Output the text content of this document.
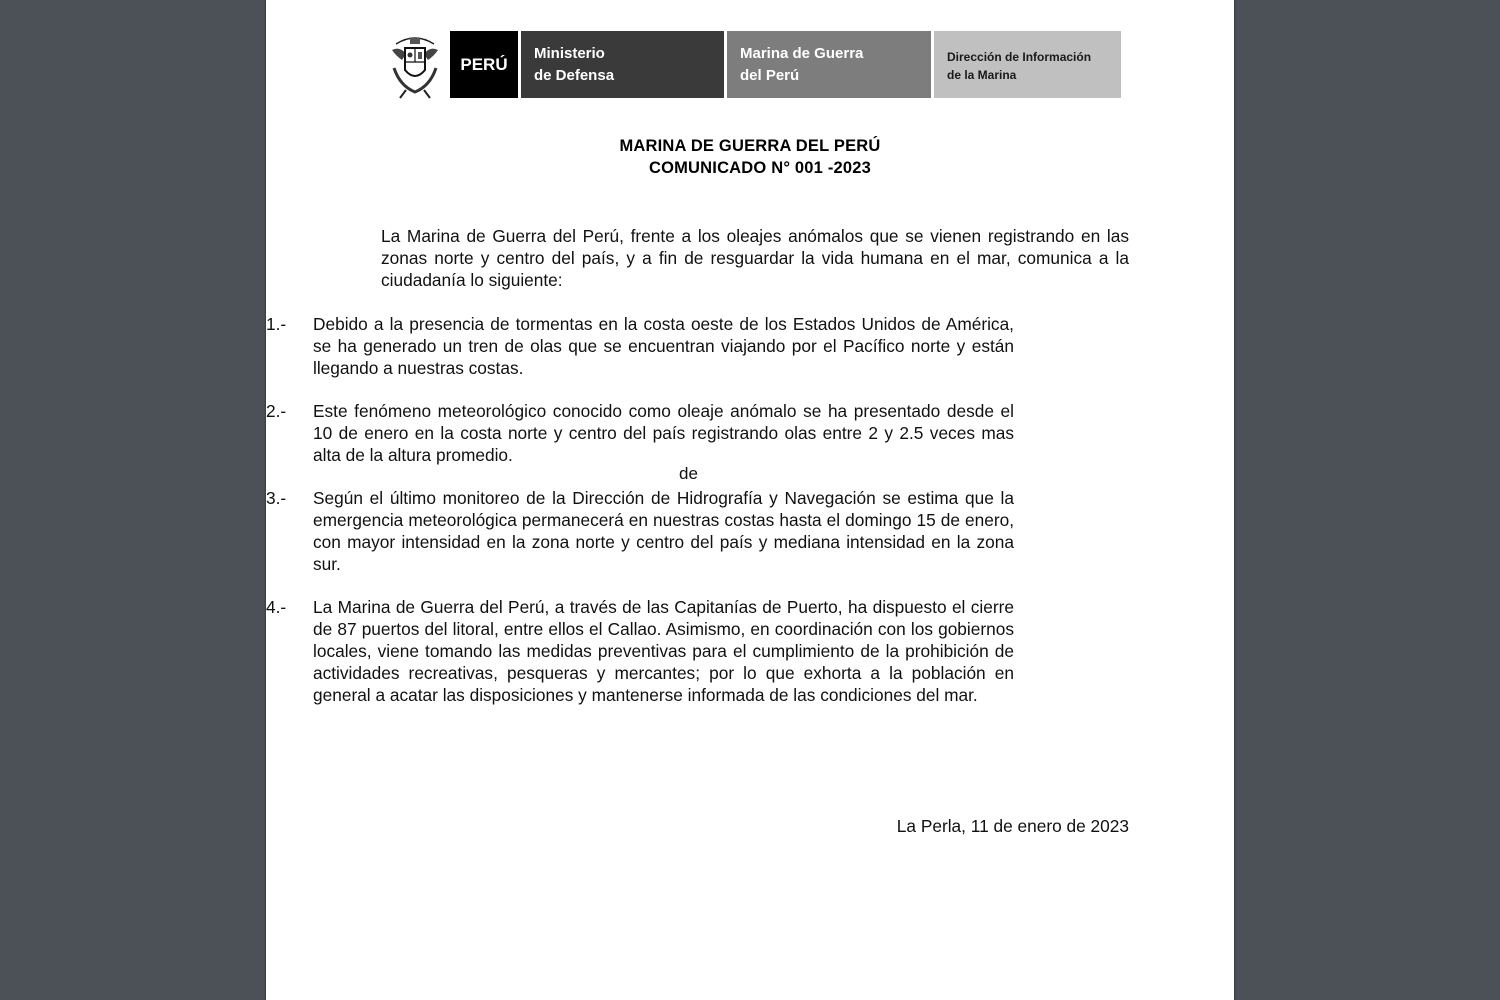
PERÚ
Ministerio
de Defensa
Marina de Guerra
del Perú
Dirección de Información
de la Marina
MARINA DE GUERRA DEL PERÚ
COMUNICADO N° 001 -2023
La Marina de Guerra del Perú, frente a los oleajes anómalos que se vienen registrando en las zonas norte y centro del país, y a fin de resguardar la vida humana en el mar, comunica a la ciudadanía lo siguiente:
1.- Debido a la presencia de tormentas en la costa oeste de los Estados Unidos de América, se ha generado un tren de olas que se encuentran viajando por el Pacífico norte y están llegando a nuestras costas.
2.- Este fenómeno meteorológico conocido como oleaje anómalo se ha presentado desde el 10 de enero en la costa norte y centro del país registrando olas entre 2 y 2.5 veces mas alta de la altura promedio.
3.- Según el último monitoreo de la Dirección de Hidrografía y Navegación se estima que la emergencia meteorológica permanecerá en nuestras costas hasta el domingo 15 de enero, con mayor intensidad en la zona norte y centro del país y mediana intensidad en la zona sur.
4.- La Marina de Guerra del Perú, a través de las Capitanías de Puerto, ha dispuesto el cierre de 87 puertos del litoral, entre ellos el Callao. Asimismo, en coordinación con los gobiernos locales, viene tomando las medidas preventivas para el cumplimiento de la prohibición de actividades recreativas, pesqueras y mercantes; por lo que exhorta a la población en general a acatar las disposiciones y mantenerse informada de las condiciones del mar.
de
La Perla, 11 de enero de 2023
